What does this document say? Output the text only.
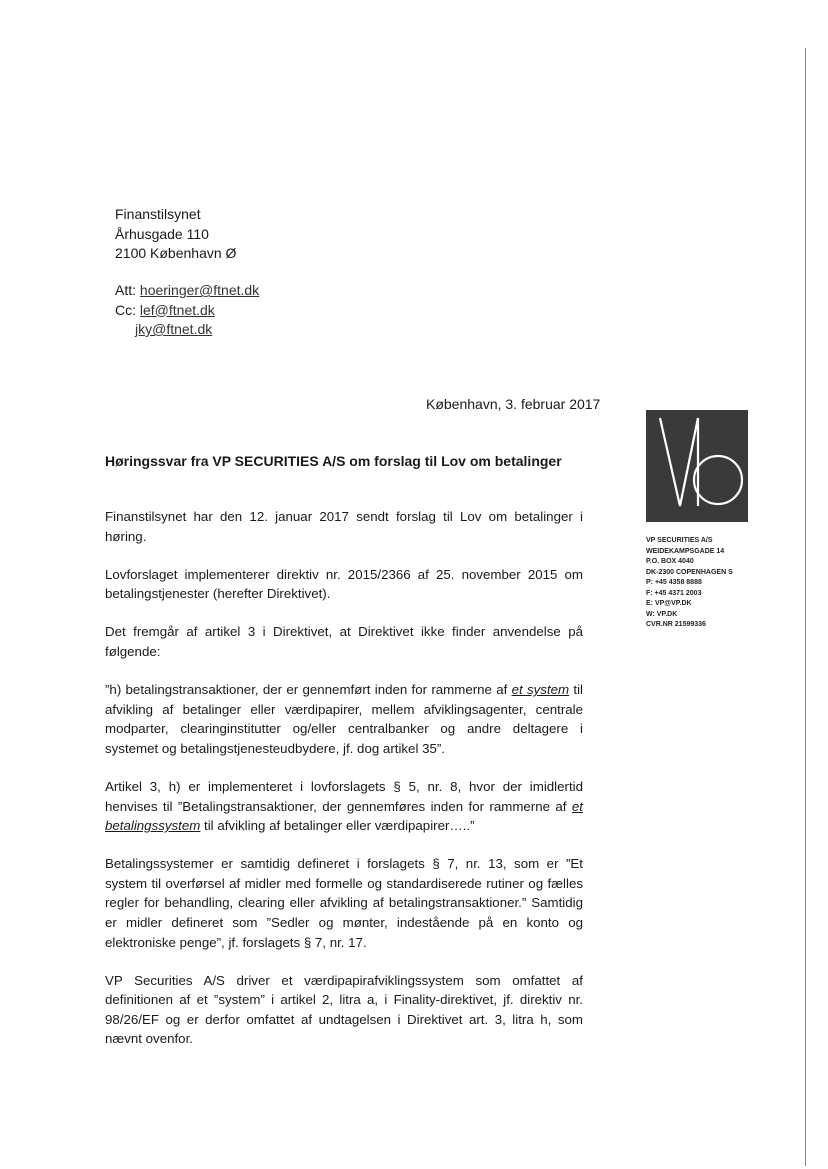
Finanstilsynet
Århusgade 110
2100 København Ø
Att: hoeringer@ftnet.dk
Cc: lef@ftnet.dk
jky@ftnet.dk
København, 3. februar 2017
Høringssvar fra VP SECURITIES A/S om forslag til Lov om betalinger

Finanstilsynet har den 12. januar 2017 sendt forslag til Lov om betalinger i høring.

Lovforslaget implementerer direktiv nr. 2015/2366 af 25. november 2015 om betalingstjenester (herefter Direktivet).

Det fremgår af artikel 3 i Direktivet, at Direktivet ikke finder anvendelse på følgende:

”h) betalingstransaktioner, der er gennemført inden for rammerne af et system til afvikling af betalinger eller værdipapirer, mellem afviklingsagenter, centrale modparter, clearinginstitutter og/eller centralbanker og andre deltagere i systemet og betalingstjenesteudbydere, jf. dog artikel 35”.

Artikel 3, h) er implementeret i lovforslagets § 5, nr. 8, hvor der imidlertid henvises til ”Betalingstransaktioner, der gennemføres inden for rammerne af et betalingssystem til afvikling af betalinger eller værdipapirer…..”

Betalingssystemer er samtidig defineret i forslagets § 7, nr. 13, som er ”Et system til overførsel af midler med formelle og standardiserede rutiner og fælles regler for behandling, clearing eller afvikling af betalingstransaktioner.” Samtidig er midler defineret som ”Sedler og mønter, indestående på en konto og elektroniske penge”, jf. forslagets § 7, nr. 17.

VP Securities A/S driver et værdipapirafviklingssystem som omfattet af definitionen af et ”system” i artikel 2, litra a, i Finality-direktivet, jf. direktiv nr. 98/26/EF og er derfor omfattet af undtagelsen i Direktivet art. 3, litra h, som nævnt ovenfor.

VP SECURITIES A/S
WEIDEKAMPSGADE 14
P.O. BOX 4040
DK-2300 COPENHAGEN S
P: +45 4358 8888
F: +45 4371 2003
E: VP@VP.DK
W: VP.DK
CVR.NR 21599336
